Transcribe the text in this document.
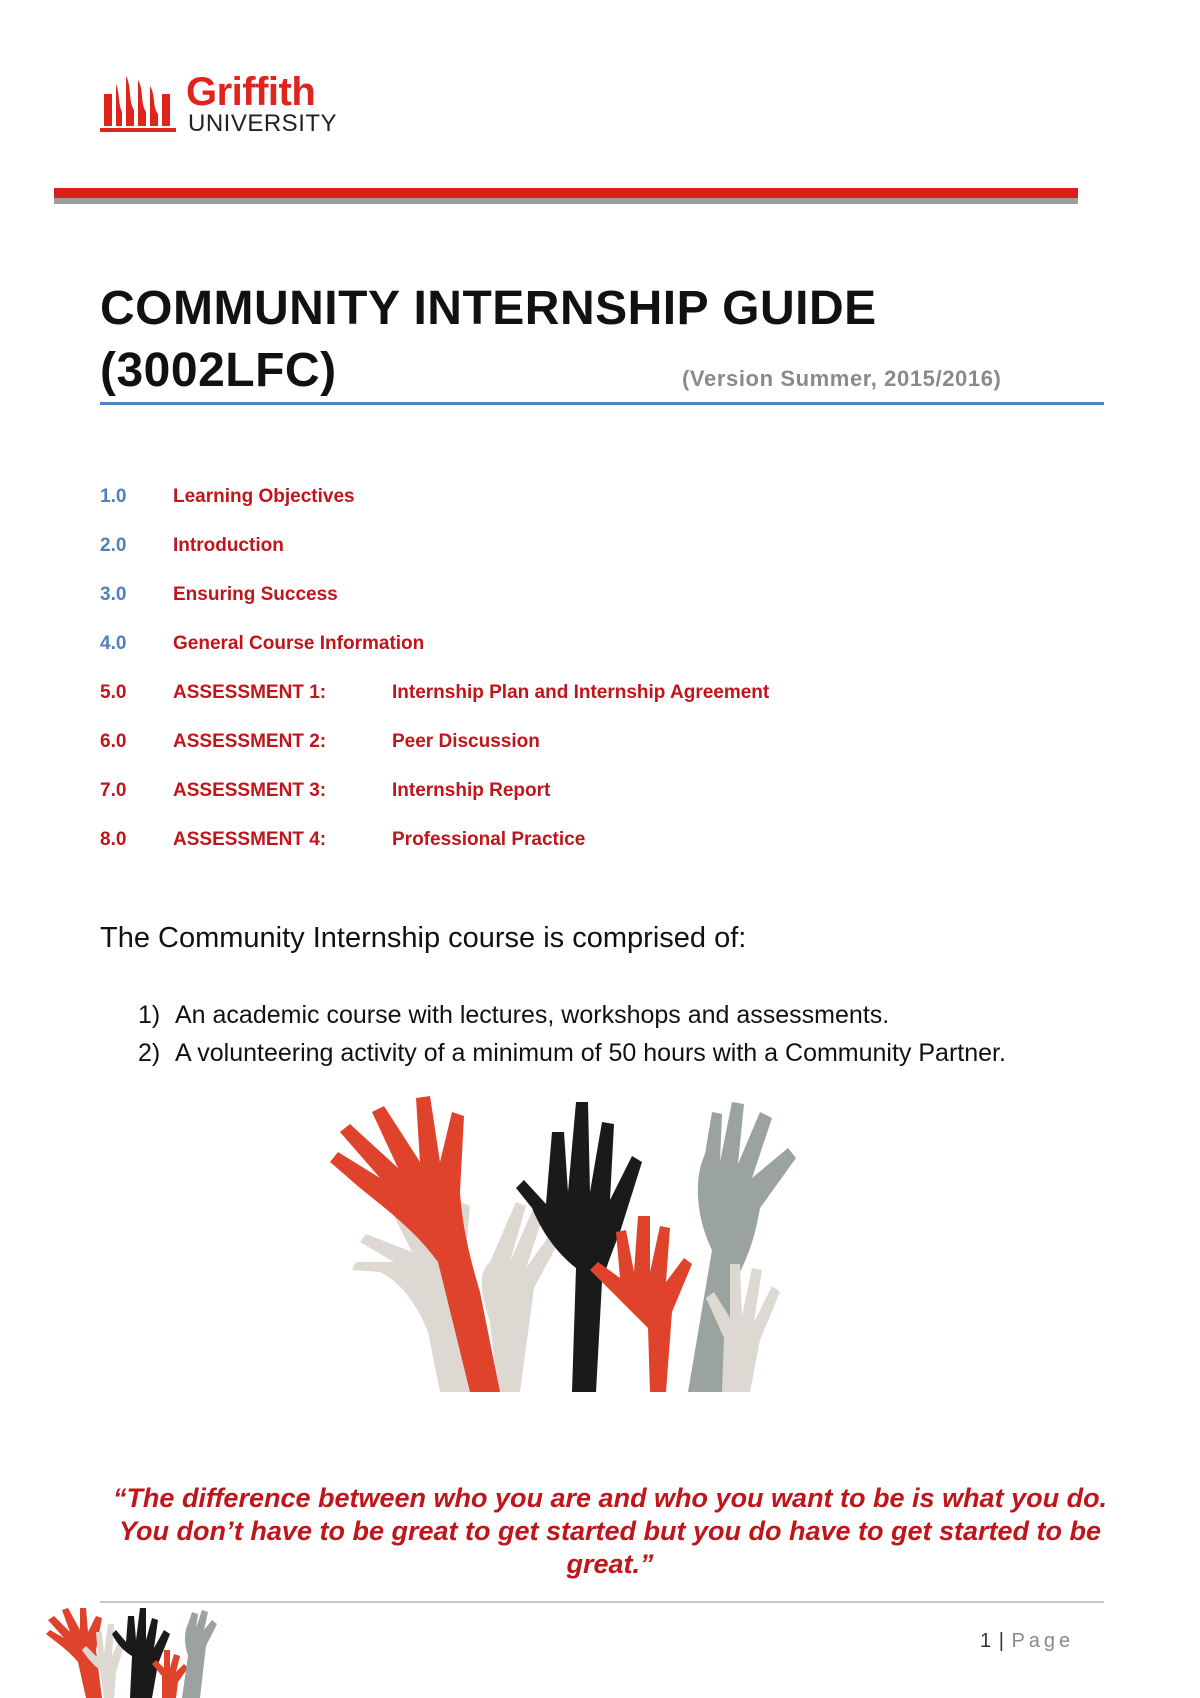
Griffith
UNIVERSITY
COMMUNITY INTERNSHIP GUIDE
(3002LFC)	(Version Summer, 2015/2016)
1.0 Learning Objectives
2.0 Introduction
3.0 Ensuring Success
4.0 General Course Information
5.0 ASSESSMENT 1:	Internship Plan and Internship Agreement
6.0 ASSESSMENT 2:	Peer Discussion
7.0 ASSESSMENT 3:	Internship Report
8.0 ASSESSMENT 4:	Professional Practice
The Community Internship course is comprised of:
1) An academic course with lectures, workshops and assessments.
2) A volunteering activity of a minimum of 50 hours with a Community Partner.
“The difference between who you are and who you want to be is what you do. You don’t have to be great to get started but you do have to get started to be great.”
1 | Page
